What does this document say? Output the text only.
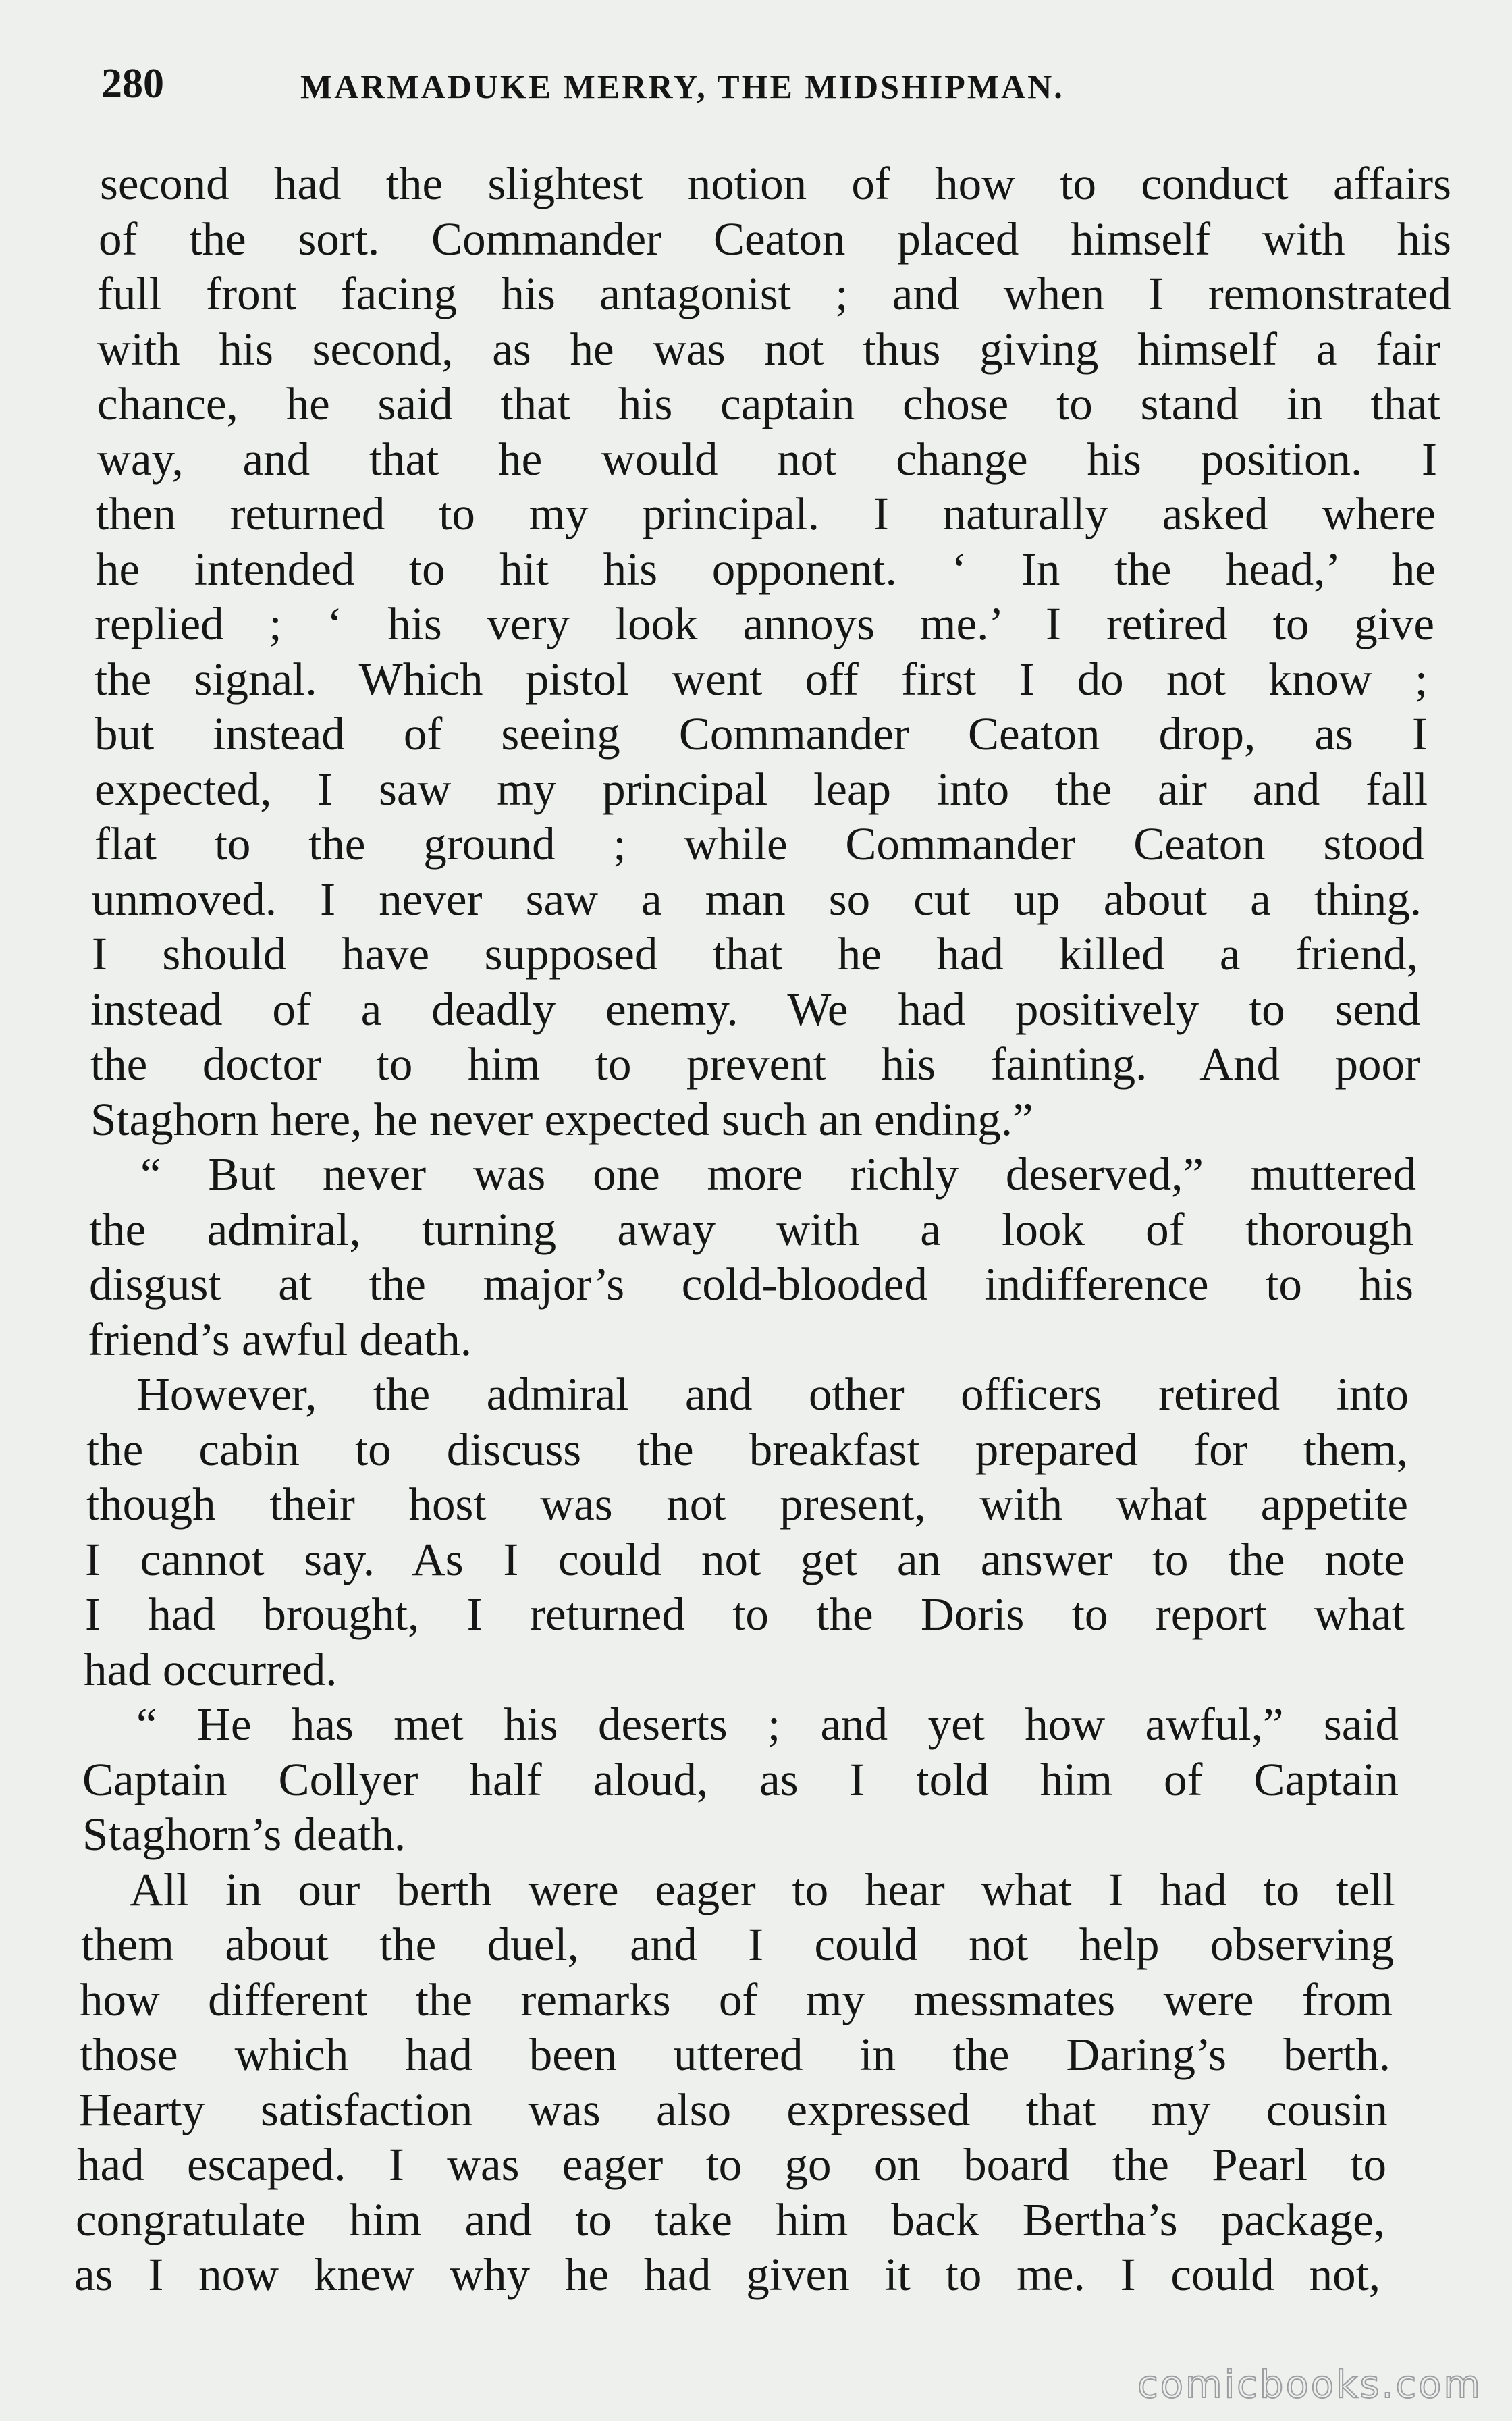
280	MARMADUKE MERRY, THE MIDSHIPMAN.
second had the slightest notion of how to conduct affairs
of the sort. Commander Ceaton placed himself with his
full front facing his antagonist ; and when I remonstrated
with his second, as he was not thus giving himself a fair
chance, he said that his captain chose to stand in that
way, and that he would not change his position. I
then returned to my principal. I naturally asked where
he intended to hit his opponent. ‘ In the head,’ he
replied ; ‘ his very look annoys me.’ I retired to give
the signal. Which pistol went off first I do not know ;
but instead of seeing Commander Ceaton drop, as I
expected, I saw my principal leap into the air and fall
flat to the ground ; while Commander Ceaton stood
unmoved. I never saw a man so cut up about a thing.
I should have supposed that he had killed a friend,
instead of a deadly enemy. We had positively to send
the doctor to him to prevent his fainting. And poor
Staghorn here, he never expected such an ending.”
“ But never was one more richly deserved,” muttered
the admiral, turning away with a look of thorough
disgust at the major’s cold-blooded indifference to his
friend’s awful death.
However, the admiral and other officers retired into
the cabin to discuss the breakfast prepared for them,
though their host was not present, with what appetite
I cannot say. As I could not get an answer to the note
I had brought, I returned to the Doris to report what
had occurred.
“ He has met his deserts ; and yet how awful,” said
Captain Collyer half aloud, as I told him of Captain
Staghorn’s death.
All in our berth were eager to hear what I had to tell
them about the duel, and I could not help observing
how different the remarks of my messmates were from
those which had been uttered in the Daring’s berth.
Hearty satisfaction was also expressed that my cousin
had escaped. I was eager to go on board the Pearl to
congratulate him and to take him back Bertha’s package,
as I now knew why he had given it to me. I could not,
comicbooks.com
